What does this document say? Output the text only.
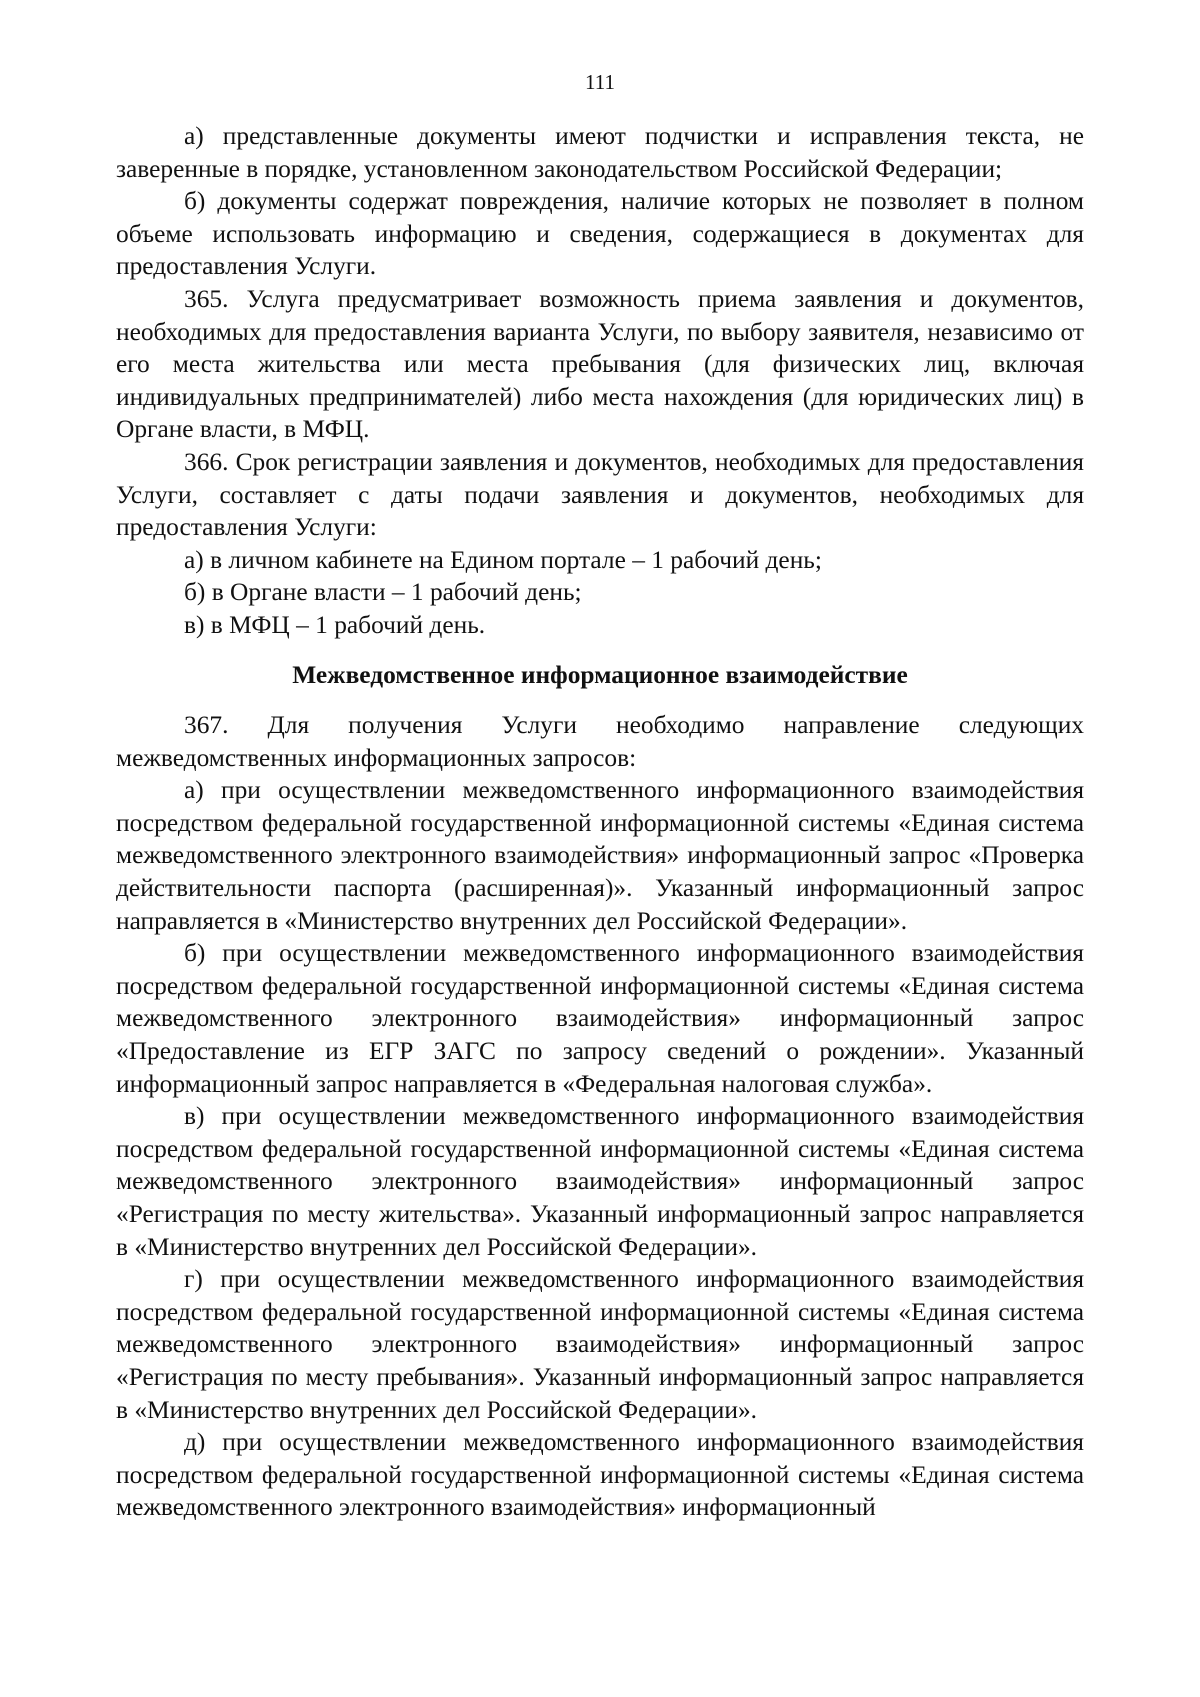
111

а) представленные документы имеют подчистки и исправления текста, не заверенные в порядке, установленном законодательством Российской Федерации;

б) документы содержат повреждения, наличие которых не позволяет в полном объеме использовать информацию и сведения, содержащиеся в документах для предоставления Услуги.

365. Услуга предусматривает возможность приема заявления и документов, необходимых для предоставления варианта Услуги, по выбору заявителя, независимо от его места жительства или места пребывания (для физических лиц, включая индивидуальных предпринимателей) либо места нахождения (для юридических лиц) в Органе власти, в МФЦ.

366. Срок регистрации заявления и документов, необходимых для предоставления Услуги, составляет с даты подачи заявления и документов, необходимых для предоставления Услуги:

а) в личном кабинете на Едином портале – 1 рабочий день;

б) в Органе власти – 1 рабочий день;

в) в МФЦ – 1 рабочий день.

Межведомственное информационное взаимодействие

367. Для получения Услуги необходимо направление следующих межведомственных информационных запросов:

а) при осуществлении межведомственного информационного взаимодействия посредством федеральной государственной информационной системы «Единая система межведомственного электронного взаимодействия» информационный запрос «Проверка действительности паспорта (расширенная)». Указанный информационный запрос направляется в «Министерство внутренних дел Российской Федерации».

б) при осуществлении межведомственного информационного взаимодействия посредством федеральной государственной информационной системы «Единая система межведомственного электронного взаимодействия» информационный запрос «Предоставление из ЕГР ЗАГС по запросу сведений о рождении». Указанный информационный запрос направляется в «Федеральная налоговая служба».

в) при осуществлении межведомственного информационного взаимодействия посредством федеральной государственной информационной системы «Единая система межведомственного электронного взаимодействия» информационный запрос «Регистрация по месту жительства». Указанный информационный запрос направляется в «Министерство внутренних дел Российской Федерации».

г) при осуществлении межведомственного информационного взаимодействия посредством федеральной государственной информационной системы «Единая система межведомственного электронного взаимодействия» информационный запрос «Регистрация по месту пребывания». Указанный информационный запрос направляется в «Министерство внутренних дел Российской Федерации».

д) при осуществлении межведомственного информационного взаимодействия посредством федеральной государственной информационной системы «Единая система межведомственного электронного взаимодействия» информационный
